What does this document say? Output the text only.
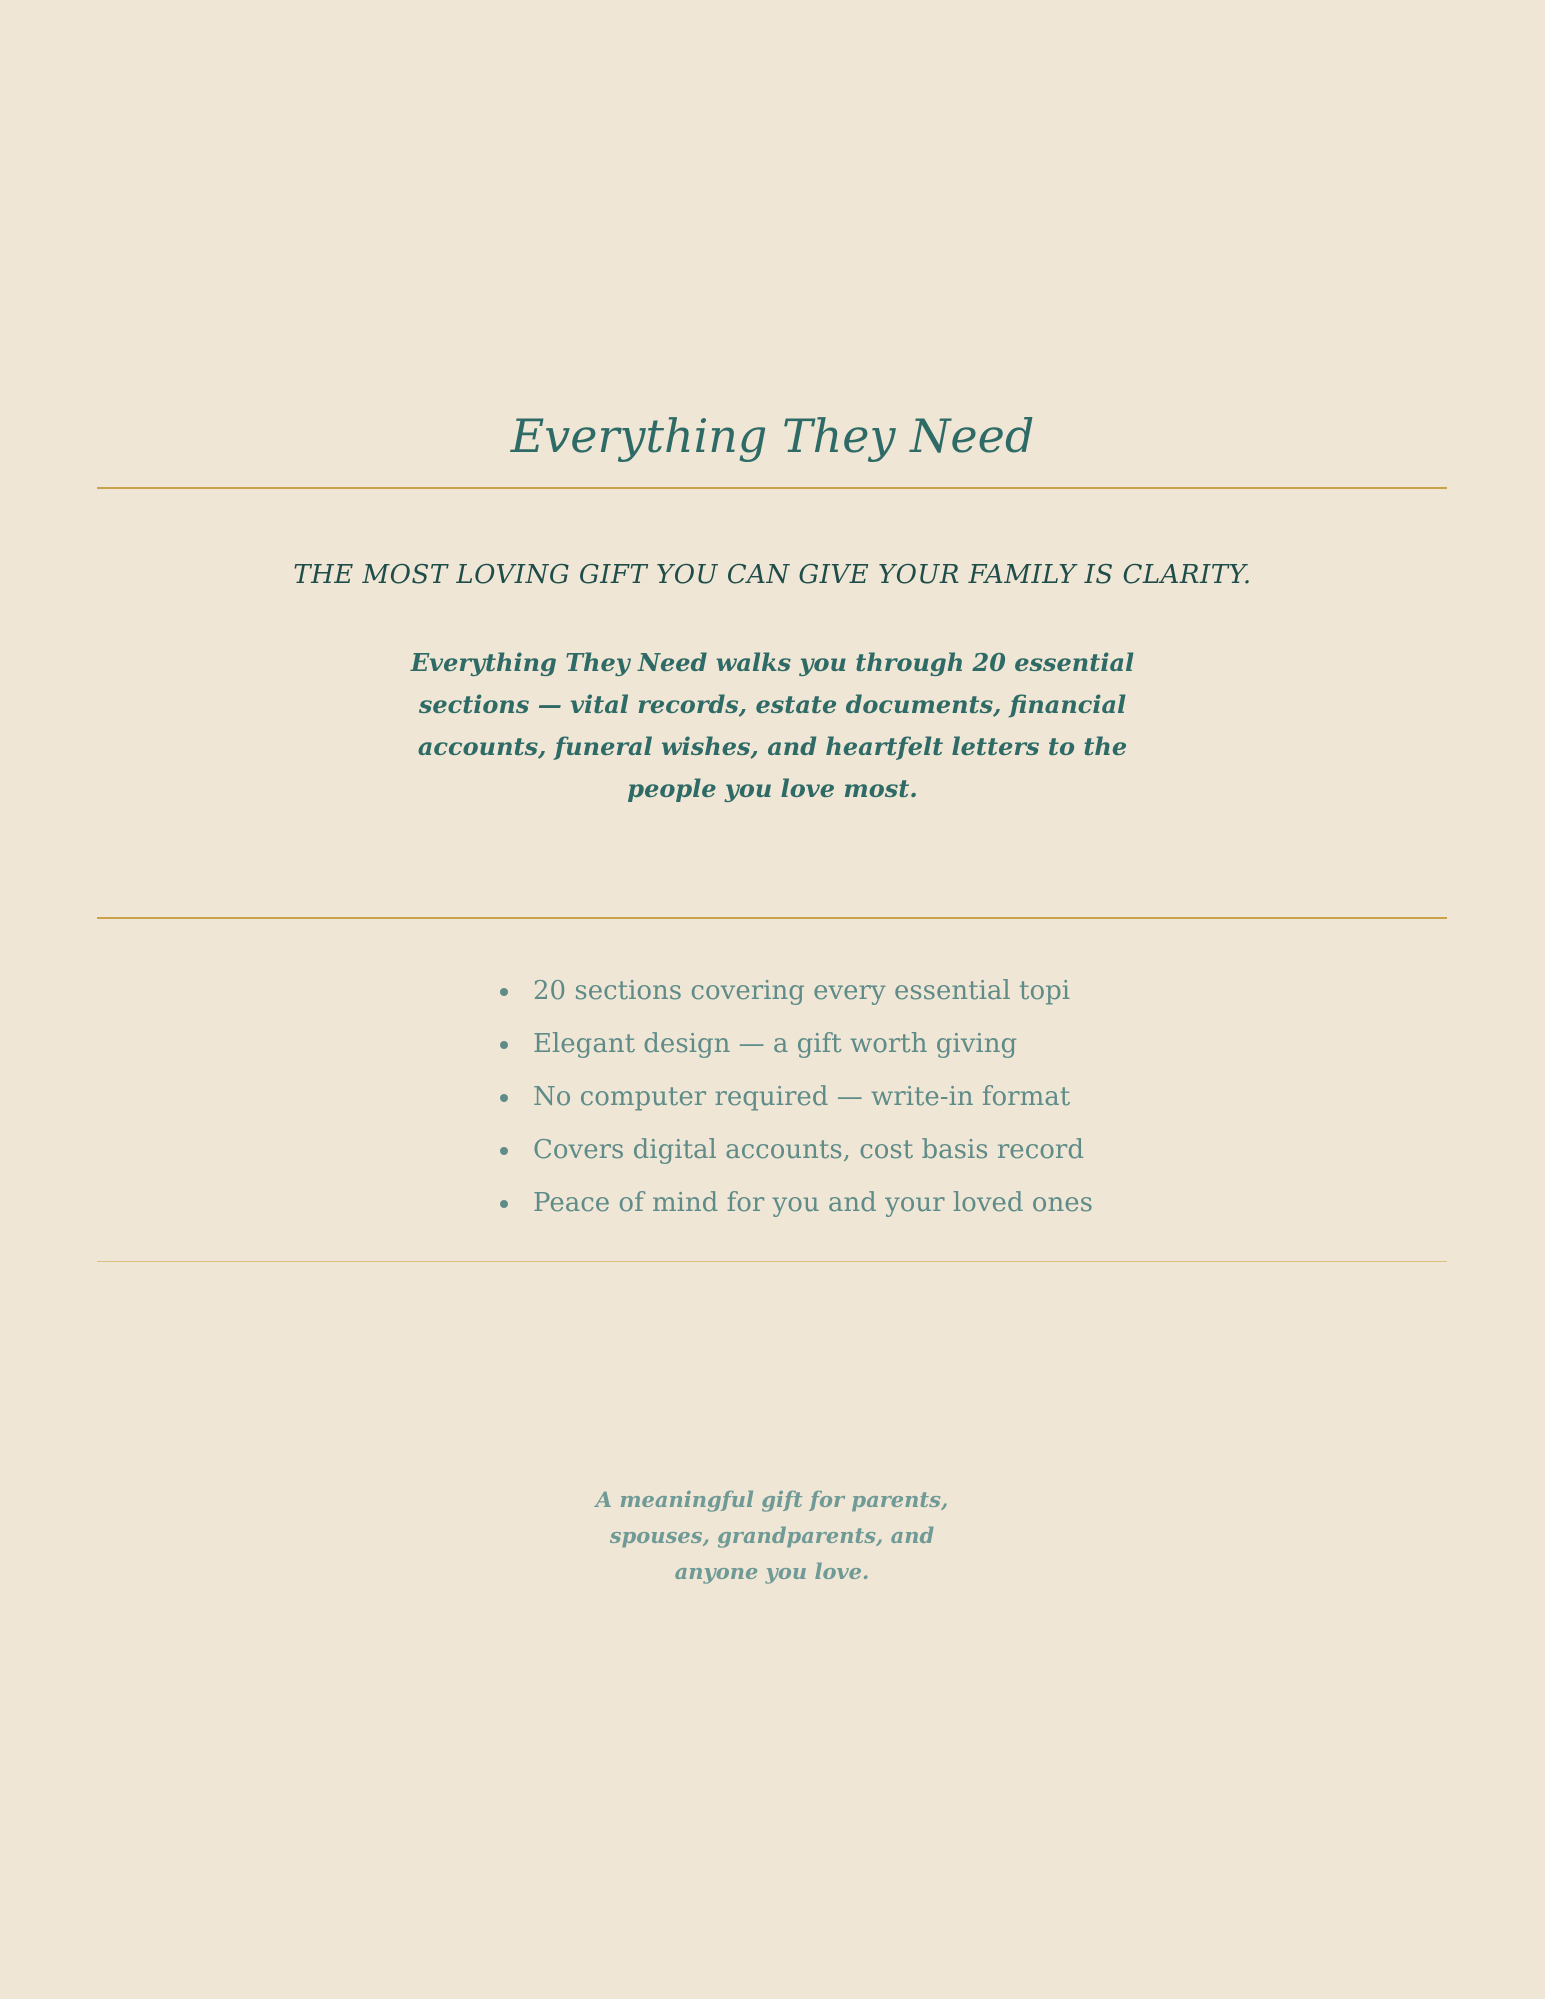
Everything They Need

THE MOST LOVING GIFT YOU CAN GIVE YOUR FAMILY IS CLARITY.

Everything They Need walks you through 20 essential sections — vital records, estate documents, financial accounts, funeral wishes, and heartfelt letters to the people you love most.

20 sections covering every essential topi
Elegant design — a gift worth giving
No computer required — write-in format
Covers digital accounts, cost basis record
Peace of mind for you and your loved ones

A meaningful gift for parents, spouses, grandparents, and anyone you love.
